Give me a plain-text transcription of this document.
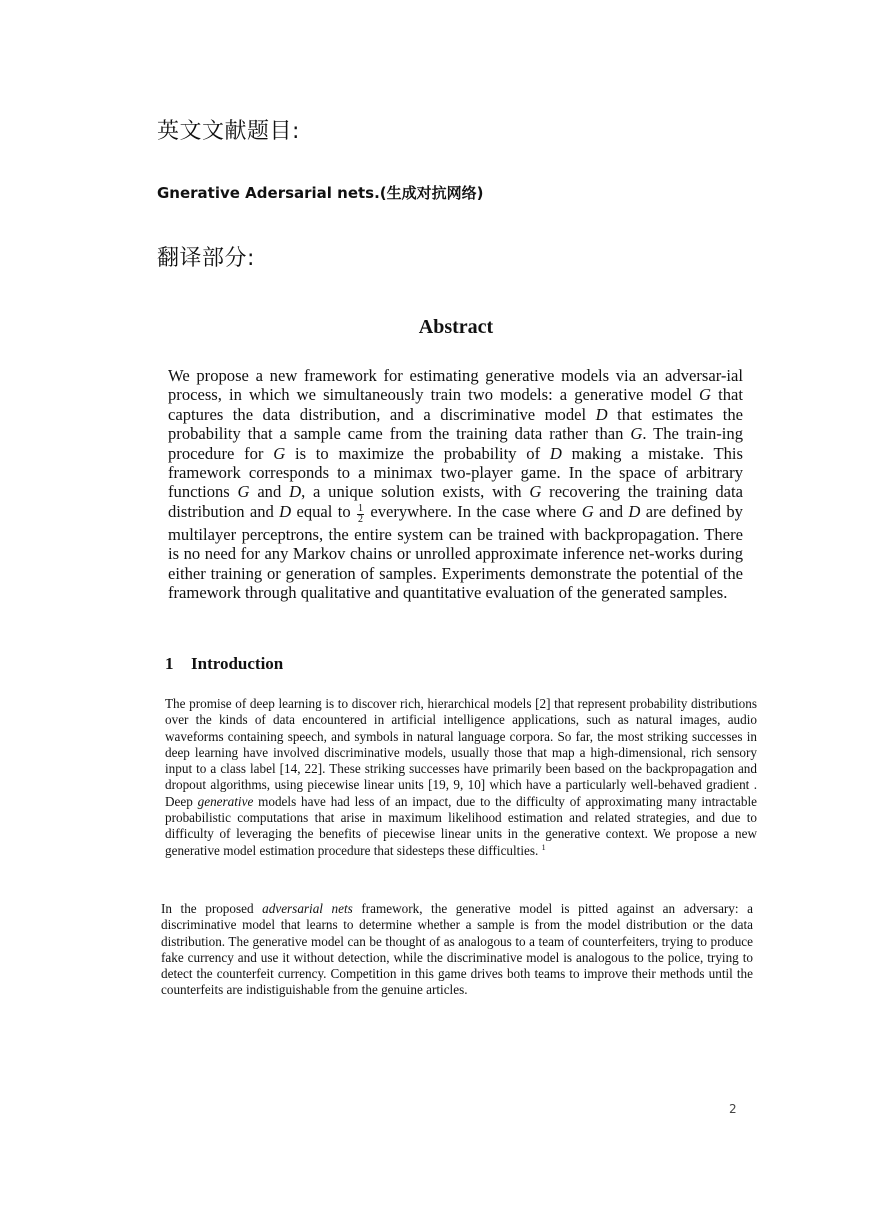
英文文献题目:
Gnerative Adersarial nets.(生成对抗网络)
翻译部分:
Abstract
We propose a new framework for estimating generative models via an adversar-ial process, in which we simultaneously train two models: a generative model G that captures the data distribution, and a discriminative model D that estimates the probability that a sample came from the training data rather than G. The train-ing procedure for G is to maximize the probability of D making a mistake. This framework corresponds to a minimax two-player game. In the space of arbitrary functions G and D, a unique solution exists, with G recovering the training data distribution and D equal to $\frac{1}{2}$ everywhere. In the case where G and D are defined by multilayer perceptrons, the entire system can be trained with backpropagation. There is no need for any Markov chains or unrolled approximate inference net-works during either training or generation of samples. Experiments demonstrate the potential of the framework through qualitative and quantitative evaluation of the generated samples.
1 Introduction
The promise of deep learning is to discover rich, hierarchical models [2] that represent probability distributions over the kinds of data encountered in artificial intelligence applications, such as natural images, audio waveforms containing speech, and symbols in natural language corpora. So far, the most striking successes in deep learning have involved discriminative models, usually those that map a high-dimensional, rich sensory input to a class label [14, 22]. These striking successes have primarily been based on the backpropagation and dropout algorithms, using piecewise linear units [19, 9, 10] which have a particularly well-behaved gradient . Deep generative models have had less of an impact, due to the difficulty of approximating many intractable probabilistic computations that arise in maximum likelihood estimation and related strategies, and due to difficulty of leveraging the benefits of piecewise linear units in the generative context. We propose a new generative model estimation procedure that sidesteps these difficulties. $^1$
In the proposed adversarial nets framework, the generative model is pitted against an adversary: a discriminative model that learns to determine whether a sample is from the model distribution or the data distribution. The generative model can be thought of as analogous to a team of counterfeiters, trying to produce fake currency and use it without detection, while the discriminative model is analogous to the police, trying to detect the counterfeit currency. Competition in this game drives both teams to improve their methods until the counterfeits are indistiguishable from the genuine articles.
2
